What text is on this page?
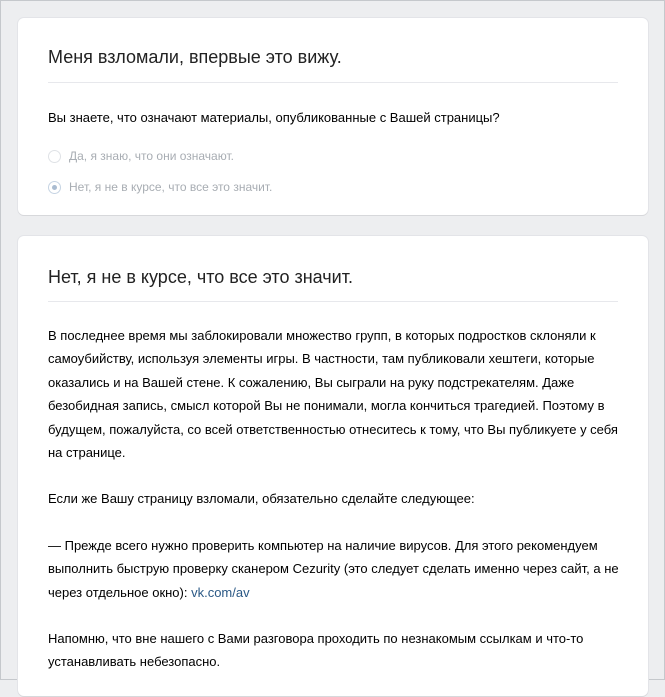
Меня взломали, впервые это вижу.
Вы знаете, что означают материалы, опубликованные с Вашей страницы?
Да, я знаю, что они означают.
Нет, я не в курсе, что все это значит.
Нет, я не в курсе, что все это значит.

В последнее время мы заблокировали множество групп, в которых подростков склоняли к самоубийству, используя элементы игры. В частности, там публиковали хештеги, которые оказались и на Вашей стене. К сожалению, Вы сыграли на руку подстрекателям. Даже безобидная запись, смысл которой Вы не понимали, могла кончиться трагедией. Поэтому в будущем, пожалуйста, со всей ответственностью отнеситесь к тому, что Вы публикуете у себя на странице.

Если же Вашу страницу взломали, обязательно сделайте следующее:

— Прежде всего нужно проверить компьютер на наличие вирусов. Для этого рекомендуем выполнить быструю проверку сканером Cezurity (это следует сделать именно через сайт, а не через отдельное окно): vk.com/av

Напомню, что вне нашего с Вами разговора проходить по незнакомым ссылкам и что-то устанавливать небезопасно.
